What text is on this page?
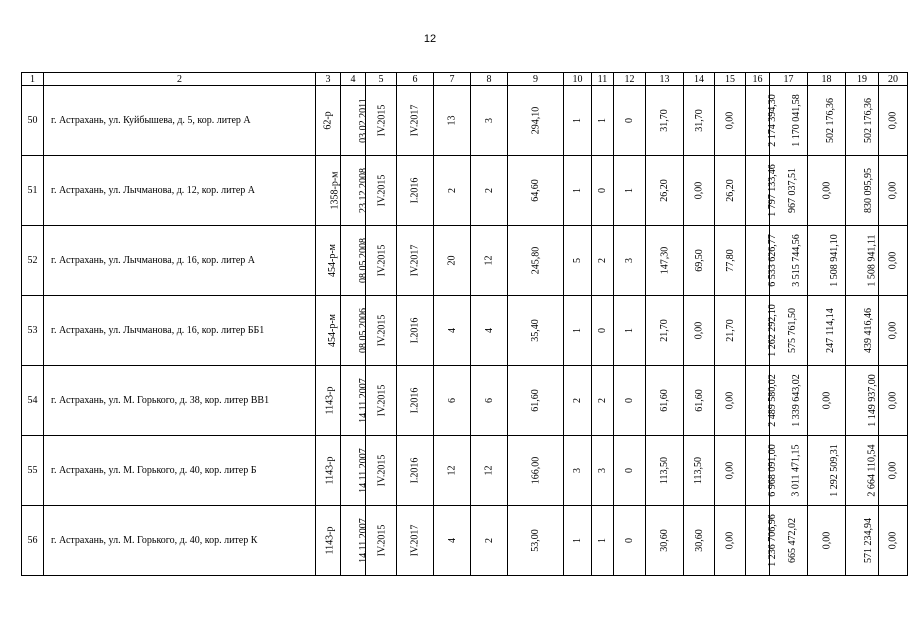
12
1	2	3	4	5	6	7	8	9	10	11	12	13	14	15	16	17	18	19	20
50	г. Астрахань, ул. Куйбышева, д. 5, кор. литер А	62-р	03.02.2011	IV.2015	IV.2017	13	3	294,10	1	1	0	31,70	31,70	0,00	2 174 394,30	1 170 041,58	502 176,36	502 176,36	0,00
51	г. Астрахань, ул. Лычманова, д. 12, кор. литер А	1358-р-м	23.12.2008	IV.2015	I.2016	2	2	64,60	1	0	1	26,20	0,00	26,20	1 797 133,46	967 037,51	0,00	830 095,95	0,00
52	г. Астрахань, ул. Лычманова, д. 16, кор. литер А	454-р-м	08.05.2008	IV.2015	IV.2017	20	12	245,80	5	2	3	147,30	69,50	77,80	6 533 626,77	3 515 744,56	1 508 941,10	1 508 941,11	0,00
53	г. Астрахань, ул. Лычманова, д. 16, кор. литер ББ1	454-р-м	08.05.2006	IV.2015	I.2016	4	4	35,40	1	0	1	21,70	0,00	21,70	1 262 292,10	575 761,50	247 114,14	439 416,46	0,00
54	г. Астрахань, ул. М. Горького, д. 38, кор. литер ВВ1	1143-р	14.11.2007	IV.2015	I.2016	6	6	61,60	2	2	0	61,60	61,60	0,00	2 489 580,02	1 339 643,02	0,00	1 149 937,00	0,00
55	г. Астрахань, ул. М. Горького, д. 40, кор. литер Б	1143-р	14.11.2007	IV.2015	I.2016	12	12	166,00	3	3	0	113,50	113,50	0,00	6 968 091,00	3 011 471,15	1 292 509,31	2 664 110,54	0,00
56	г. Астрахань, ул. М. Горького, д. 40, кор. литер К	1143-р	14.11.2007	IV.2015	IV.2017	4	2	53,00	1	1	0	30,60	30,60	0,00	1 236 706,96	665 472,02	0,00	571 234,94	0,00
